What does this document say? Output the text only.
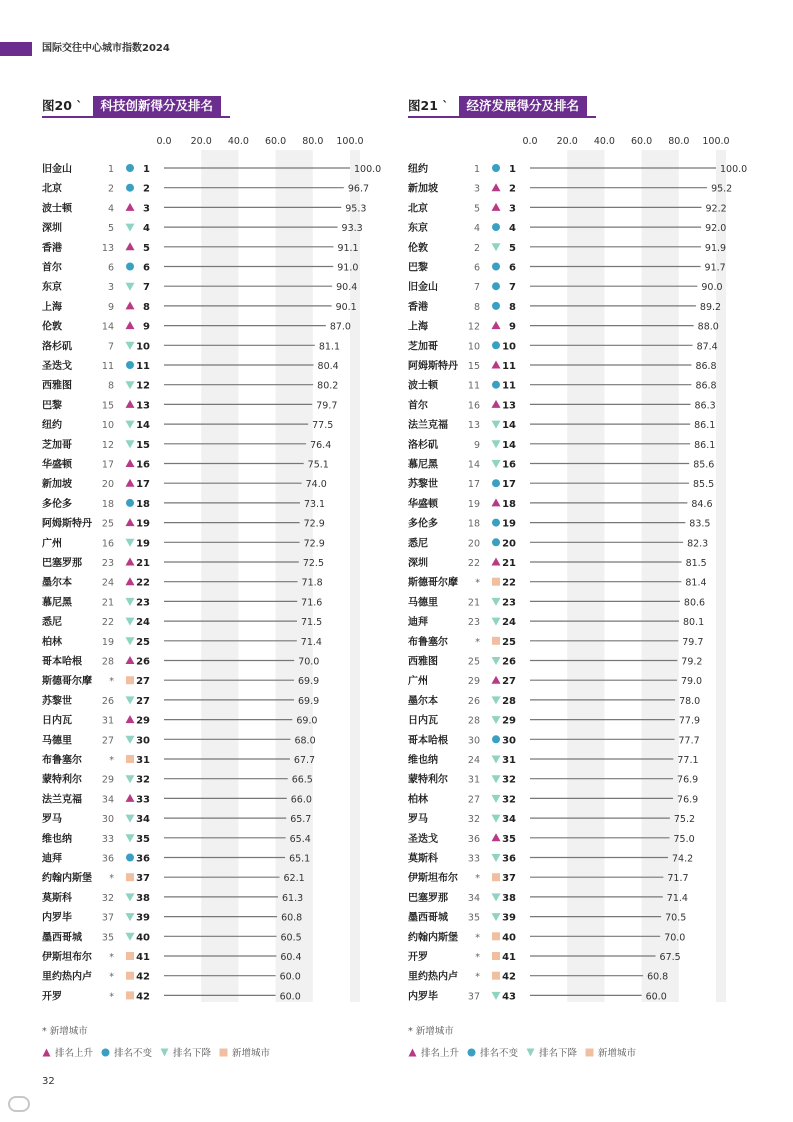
国际交往中心城市指数2024
图20 ˋ	科技创新得分及排名
0.0 20.0 40.0 60.0 80.0 100.0
旧金山	1	1	100.0
北京	2	2	96.7
波士顿	4	3	95.3
深圳	5	4	93.3
香港	13	5	91.1
首尔	6	6	91.0
东京	3	7	90.4
上海	9	8	90.1
伦敦	14	9	87.0
洛杉矶	7 10	81.1
圣迭戈	11 11	80.4
西雅图	8 12	80.2
巴黎	15 13	79.7
纽约	10 14	77.5
芝加哥	12 15	76.4
华盛顿	17 16	75.1
新加坡	20 17	74.0
多伦多	18 18	73.1
阿姆斯特丹 25 19	72.9
广州	16 19	72.9
巴塞罗那 23 21	72.5
墨尔本	24 22	71.8
慕尼黑	21 23	71.6
悉尼	22 24	71.5
柏林	19 25	71.4
哥本哈根 28 26	70.0
斯德哥尔摩 * 27	69.9
苏黎世	26 27	69.9
日内瓦	31 29	69.0
马德里	27 30	68.0
布鲁塞尔	* 31	67.7
蒙特利尔 29 32	66.5
法兰克福 34 33	66.0
罗马	30 34	65.7
维也纳	33 35	65.4
迪拜	36 36	65.1
约翰内斯堡 * 37	62.1
莫斯科	32 38	61.3
内罗毕	37 39	60.8
墨西哥城 35 40	60.5
伊斯坦布尔 * 41	60.4
里约热内卢 * 42	60.0
开罗	* 42	60.0
* 新增城市
排名上升 排名不变 排名下降 新增城市
图21 ˋ	经济发展得分及排名
0.0 20.0 40.0 60.0 80.0 100.0
纽约	1	1	100.0
新加坡	3	2	95.2
北京	5	3	92.2
东京	4	4	92.0
伦敦	2	5	91.9
巴黎	6	6	91.7
旧金山	7	7	90.0
香港	8	8	89.2
上海	12	9	88.0
芝加哥	10 10	87.4
阿姆斯特丹 15 11	86.8
波士顿	11 11	86.8
首尔	16 13	86.3
法兰克福 13 14	86.1
洛杉矶	9 14	86.1
慕尼黑	14 16	85.6
苏黎世	17 17	85.5
华盛顿	19 18	84.6
多伦多	18 19	83.5
悉尼	20 20	82.3
深圳	22 21	81.5
斯德哥尔摩 * 22	81.4
马德里	21 23	80.6
迪拜	23 24	80.1
布鲁塞尔	* 25	79.7
西雅图	25 26	79.2
广州	29 27	79.0
墨尔本	26 28	78.0
日内瓦	28 29	77.9
哥本哈根 30 30	77.7
维也纳	24 31	77.1
蒙特利尔 31 32	76.9
柏林	27 32	76.9
罗马	32 34	75.2
圣迭戈	36 35	75.0
莫斯科	33 36	74.2
伊斯坦布尔 * 37	71.7
巴塞罗那 34 38	71.4
墨西哥城 35 39	70.5
约翰内斯堡 * 40	70.0
开罗	* 41	67.5
里约热内卢 * 42	60.8
内罗毕	37 43	60.0
* 新增城市
排名上升 排名不变 排名下降 新增城市
32
